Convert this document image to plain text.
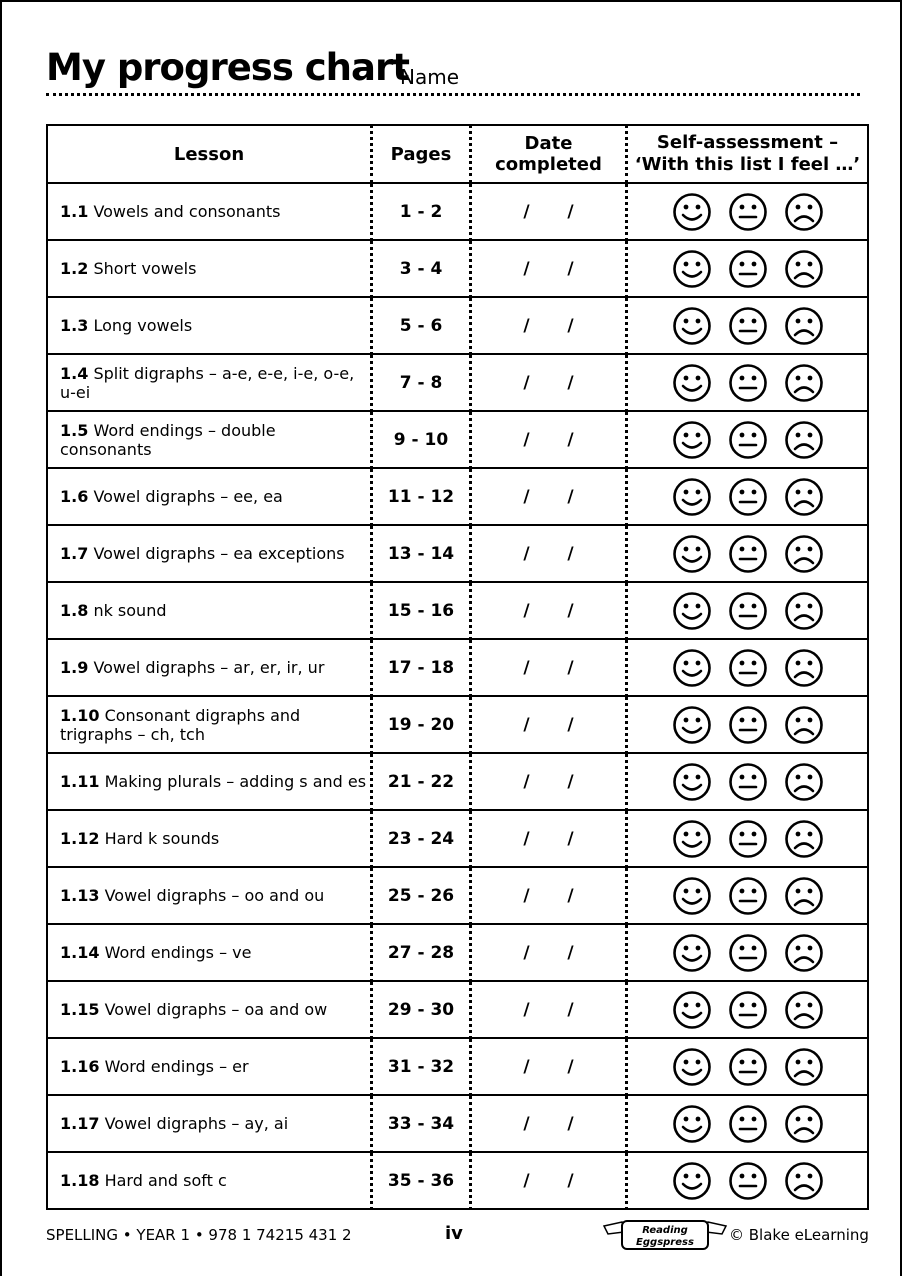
My progress chart
Name
Lesson	Pages	Date completed	Self-assessment –
‘With this list I feel …’
1.1 Vowels and consonants	1 - 2	/ /	

1.2 Short vowels	3 - 4	/ /	

1.3 Long vowels	5 - 6	/ /	

1.4 Split digraphs – a-e, e-e, i-e, o-e, u-ei	7 - 8	/ /	

1.5 Word endings – double consonants	9 - 10	/ /	

1.6 Vowel digraphs – ee, ea	11 - 12	/ /	

1.7 Vowel digraphs – ea exceptions	13 - 14	/ /	

1.8 nk sound	15 - 16	/ /	

1.9 Vowel digraphs – ar, er, ir, ur	17 - 18	/ /	

1.10 Consonant digraphs and trigraphs – ch, tch	19 - 20	/ /	

1.11 Making plurals – adding s and es	21 - 22	/ /	

1.12 Hard k sounds	23 - 24	/ /	

1.13 Vowel digraphs – oo and ou	25 - 26	/ /	

1.14 Word endings – ve	27 - 28	/ /	

1.15 Vowel digraphs – oa and ow	29 - 30	/ /	

1.16 Word endings – er	31 - 32	/ /	

1.17 Vowel digraphs – ay, ai	33 - 34	/ /	

1.18 Hard and soft c	35 - 36	/ /	
SPELLING • YEAR 1 • 978 1 74215 431 2	iv	Reading
Eggspress © Blake eLearning
